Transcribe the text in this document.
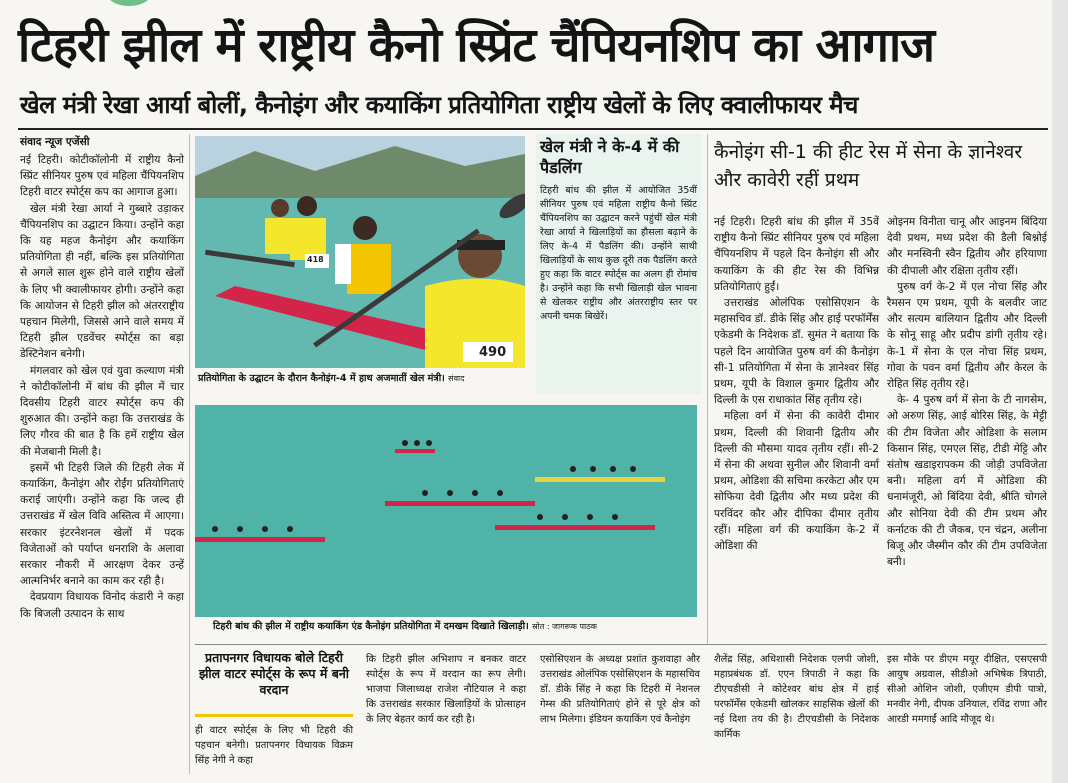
टिहरी झील में राष्ट्रीय कैनो स्प्रिंट चैंपियनशिप का आगाज
खेल मंत्री रेखा आर्या बोलीं, कैनोइंग और कयाकिंग प्रतियोगिता राष्ट्रीय खेलों के लिए क्वालीफायर मैच
संवाद न्यूज एजेंसी

नई टिहरी। कोटीकॉलोनी में राष्ट्रीय कैनो स्प्रिंट सीनियर पुरुष एवं महिला चैंपियनशिप टिहरी वाटर स्पोर्ट्स कप का आगाज हुआ।

खेल मंत्री रेखा आर्या ने गुब्बारे उड़ाकर चैंपियनशिप का उद्घाटन किया। उन्होंने कहा कि यह महज कैनोइंग और कयाकिंग प्रतियोगिता ही नहीं, बल्कि इस प्रतियोगिता से अगले साल शुरू होने वाले राष्ट्रीय खेलों के लिए भी क्वालीफायर होगी। उन्होंने कहा कि आयोजन से टिहरी झील को अंतरराष्ट्रीय पहचान मिलेगी, जिससे आने वाले समय में टिहरी झील एडवेंचर स्पोर्ट्स का बड़ा डेस्टिनेशन बनेगी।

मंगलवार को खेल एवं युवा कल्याण मंत्री ने कोटीकॉलोनी में बांध की झील में चार दिवसीय टिहरी वाटर स्पोर्ट्स कप की शुरुआत की। उन्होंने कहा कि उत्तराखंड के लिए गौरव की बात है कि हमें राष्ट्रीय खेल की मेजबानी मिली है।

इसमें भी टिहरी जिले की टिहरी लेक में कयाकिंग, कैनोइंग और रोईंग प्रतियोगिताएं कराई जाएंगी। उन्होंने कहा कि जल्द ही उत्तराखंड में खेल विवि अस्तित्व में आएगा। सरकार इंटरनेशनल खेलों में पदक विजेताओं को पर्याप्त धनराशि के अलावा सरकार नौकरी में आरक्षण देकर उन्हें आत्मनिर्भर बनाने का काम कर रही है।

देवप्रयाग विधायक विनोद कंडारी ने कहा कि बिजली उत्पादन के साथ

490
418
प्रतियोगिता के उद्घाटन के दौरान कैनोइंग-4 में हाथ अजमातीं खेल मंत्री। संवाद
खेल मंत्री ने के-4 में की पैडलिंग
टिहरी बांध की झील में आयोजित 35वीं सीनियर पुरुष एवं महिला राष्ट्रीय कैनो स्प्रिंट चैंपियनशिप का उद्घाटन करने पहुंचीं खेल मंत्री रेखा आर्या ने खिलाड़ियों का हौसला बढ़ाने के लिए के-4 में पैडलिंग की। उन्होंने साथी खिलाड़ियों के साथ कुछ दूरी तक पैडलिंग करते हुए कहा कि वाटर स्पोर्ट्स का अलग ही रोमांच है। उन्होंने कहा कि सभी खिलाड़ी खेल भावना से खेलकर राष्ट्रीय और अंतरराष्ट्रीय स्तर पर अपनी चमक बिखेरें।
टिहरी बांध की झील में राष्ट्रीय कयाकिंग एंड कैनोइंग प्रतियोगिता में दमखम दिखाते खिलाड़ी। स्रोत : जागरूक पाठक
कैनोइंग सी-1 की हीट रेस में सेना के ज्ञानेश्वर और कावेरी रहीं प्रथम

नई टिहरी। टिहरी बांध की झील में 35वें राष्ट्रीय कैनो स्प्रिंट सीनियर पुरुष एवं महिला चैंपियनशिप में पहले दिन कैनोइंग सी और कयाकिंग के की हीट रेस की विभिन्न प्रतियोगिताएं हुईं।

उत्तराखंड ओलंपिक एसोसिएशन के महासचिव डॉ. डीके सिंह और हाई परफॉर्मेंस एकेडमी के निदेशक डॉ. सुमंत ने बताया कि पहले दिन आयोजित पुरुष वर्ग की कैनोइंग सी-1 प्रतियोगिता में सेना के ज्ञानेश्वर सिंह प्रथम, यूपी के विशाल कुमार द्वितीय और दिल्ली के एस राधाकांत सिंह तृतीय रहे।

महिला वर्ग में सेना की कावेरी दीमार प्रथम, दिल्ली की शिवानी द्वितीय और दिल्ली की मौसमा यादव तृतीय रहीं। सी-2 में सेना की अथवा सुनील और शिवानी वर्मा प्रथम, ओडिशा की सचिमा करकेटा और एम सोफिया देवी द्वितीय और मध्य प्रदेश की परविंदर कौर और दीपिका दीमार तृतीय रहीं। महिला वर्ग की कयाकिंग के-2 में ओडिशा की

ओइनम विनीता चानू और आइनम बिंदिया देवी प्रथम, मध्य प्रदेश की डैली बिश्नोई और मनस्विनी स्वैन द्वितीय और हरियाणा की दीपाली और रक्षिता तृतीय रहीं।

पुरुष वर्ग के-2 में एल नोचा सिंह और रैमसन एम प्रथम, यूपी के बलवीर जाट और सत्यम बालियान द्वितीय और दिल्ली के सोनू साहू और प्रदीप डांगी तृतीय रहे। के-1 में सेना के एल नोचा सिंह प्रथम, गोवा के पवन वर्मा द्वितीय और केरल के रोहित सिंह तृतीय रहे।

के- 4 पुरुष वर्ग में सेना के टी नागसेम, ओ अरुण सिंह, आई बोरिस सिंह, के मेट्टी की टीम विजेता और ओडिशा के सलाम किसान सिंह, एमएल सिंह, टीडी मेट्टि और संतोष खडाइरापकम की जोड़ी उपविजेता बनी। महिला वर्ग में ओडिशा की धनामंजूरी, ओ बिंदिया देवी, श्रीति चोगले और सोनिया देवी की टीम प्रथम और कर्नाटक की टी जैकब, एन चंद्रन, अलीना बिजू और जैस्मीन कौर की टीम उपविजेता बनी।

प्रतापनगर विधायक बोले टिहरी झील वाटर स्पोर्ट्स के रूप में बनी वरदान
ही वाटर स्पोर्ट्स के लिए भी टिहरी की पहचान बनेगी। प्रतापनगर विधायक विक्रम सिंह नेगी ने कहा
कि टिहरी झील अभिशाप न बनकर वाटर स्पोर्ट्स के रूप में वरदान का रूप लेगी। भाजपा जिलाध्यक्ष राजेश नौटियाल ने कहा कि उत्तराखंड सरकार खिलाड़ियों के प्रोत्साहन के लिए बेहतर कार्य कर रही है।
एसोसिएशन के अध्यक्ष प्रशांत कुशवाहा और उत्तराखंड ओलंपिक एसोसिएशन के महासचिव डॉ. डीके सिंह ने कहा कि टिहरी में नेशनल गेम्स की प्रतियोगिताएं होने से पूरे क्षेत्र को लाभ मिलेगा। इंडियन कयाकिंग एवं कैनोइंग
शैलेंद्र सिंह, अधिशासी निदेशक एलपी जोशी, महाप्रबंधक डॉ. एएन त्रिपाठी ने कहा कि टीएचडीसी ने कोटेश्वर बांध क्षेत्र में हाई परफॉर्मेंस एकेडमी खोलकर साहसिक खेलों की नई दिशा तय की है। टीएचडीसी के निदेशक कार्मिक
इस मौके पर डीएम मयूर दीक्षित, एसएसपी आयुष अग्रवाल, सीडीओ अभिषेक त्रिपाठी, सीओ ओशिन जोशी, एजीएम डीपी पात्रो, मनवीर नेगी, दीपक उनियाल, रविंद्र राणा और आरडी ममगाईं आदि मौजूद थे।
